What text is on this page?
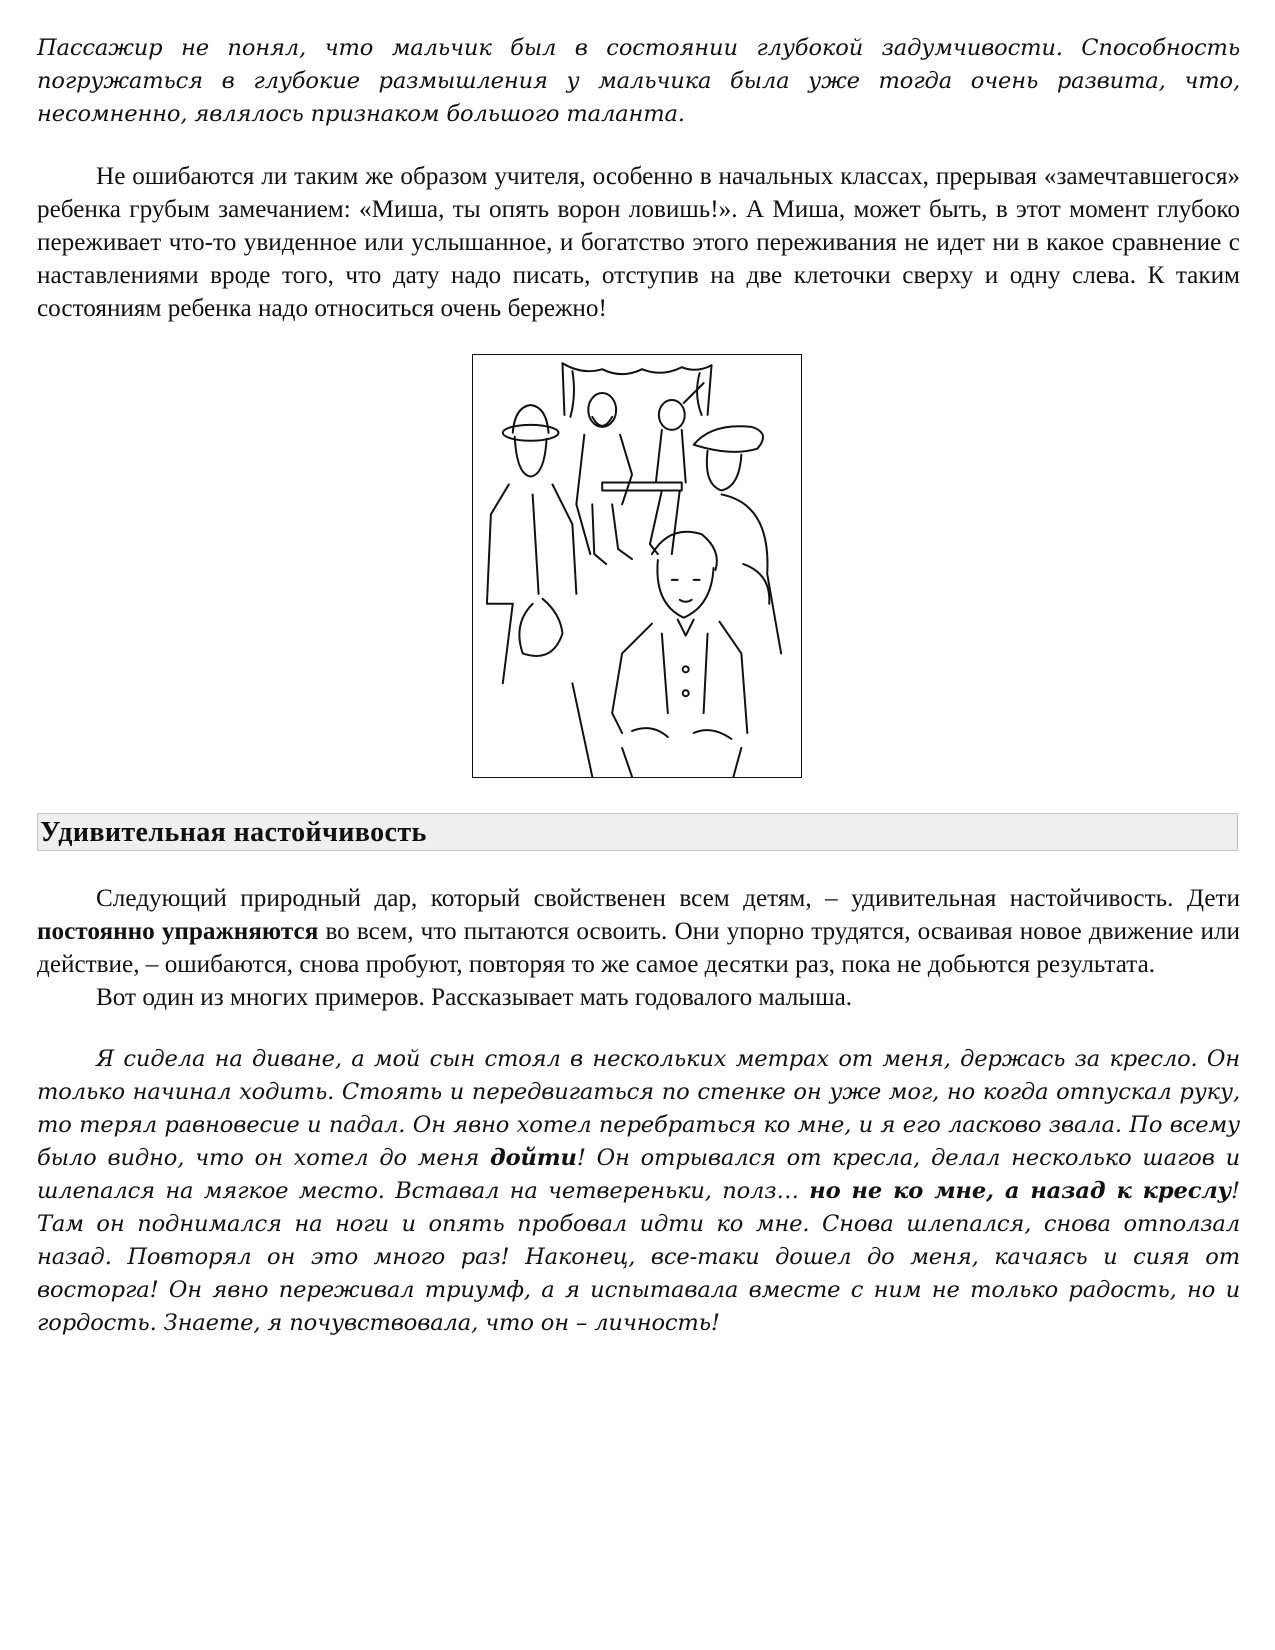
Пассажир не понял, что мальчик был в состоянии глубокой задумчивости. Способность погружаться в глубокие размышления у мальчика была уже тогда очень развита, что, несомненно, являлось признаком большого таланта.

Не ошибаются ли таким же образом учителя, особенно в начальных классах, прерывая «замечтавшегося» ребенка грубым замечанием: «Миша, ты опять ворон ловишь!». А Миша, может быть, в этот момент глубоко переживает что-то увиденное или услышанное, и богатство этого переживания не идет ни в какое сравнение с наставлениями вроде того, что дату надо писать, отступив на две клеточки сверху и одну слева. К таким состояниям ребенка надо относиться очень бережно!

Удивительная настойчивость

Следующий природный дар, который свойственен всем детям, – удивительная настойчивость. Дети постоянно упражняются во всем, что пытаются освоить. Они упорно трудятся, осваивая новое движение или действие, – ошибаются, снова пробуют, повторяя то же самое десятки раз, пока не добьются результата.

Вот один из многих примеров. Рассказывает мать годовалого малыша.

Я сидела на диване, а мой сын стоял в нескольких метрах от меня, держась за кресло. Он только начинал ходить. Стоять и передвигаться по стенке он уже мог, но когда отпускал руку, то терял равновесие и падал. Он явно хотел перебраться ко мне, и я его ласково звала. По всему было видно, что он хотел до меня дойти! Он отрывался от кресла, делал несколько шагов и шлепался на мягкое место. Вставал на четвереньки, полз… но не ко мне, а назад к креслу! Там он поднимался на ноги и опять пробовал идти ко мне. Снова шлепался, снова отползал назад. Повторял он это много раз! Наконец, все-таки дошел до меня, качаясь и сияя от восторга! Он явно переживал триумф, а я испытавала вместе с ним не только радость, но и гордость. Знаете, я почувствовала, что он – личность!
